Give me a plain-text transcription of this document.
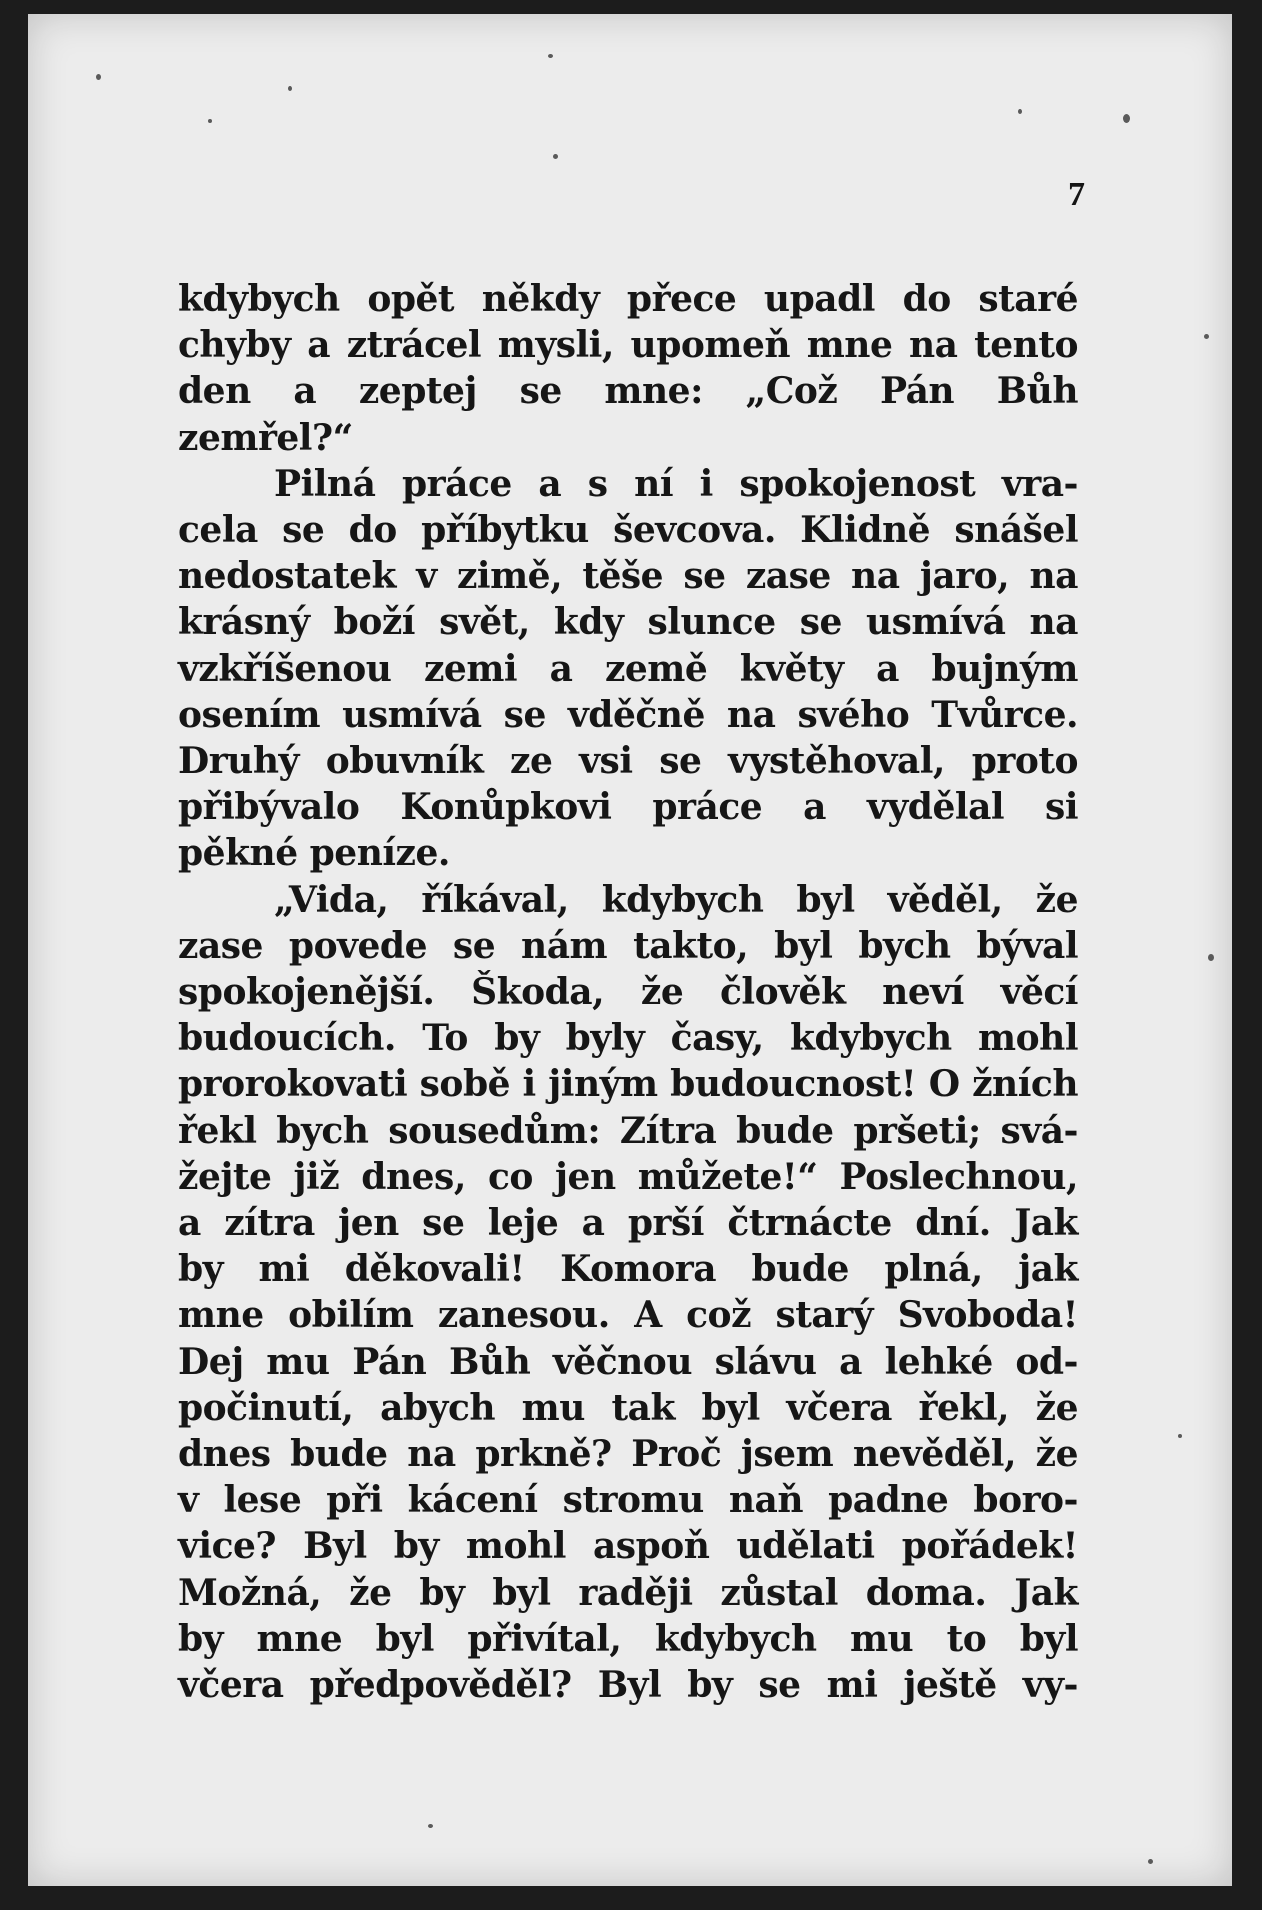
7
kdybych opět někdy přece upadl do staré
chyby a ztrácel mysli, upomeň mne na tento
den a zeptej se mne: „Což Pán Bůh
zemřel?“
Pilná práce a s ní i spokojenost vra-
cela se do příbytku ševcova. Klidně snášel
nedostatek v zimě, těše se zase na jaro, na
krásný boží svět, kdy slunce se usmívá na
vzkříšenou zemi a země květy a bujným
osením usmívá se vděčně na svého Tvůrce.
Druhý obuvník ze vsi se vystěhoval, proto
přibývalo Konůpkovi práce a vydělal si
pěkné peníze.
„Vida, říkával, kdybych byl věděl, že
zase povede se nám takto, byl bych býval
spokojenější. Škoda, že člověk neví věcí
budoucích. To by byly časy, kdybych mohl
prorokovati sobě i jiným budoucnost! O žních
řekl bych sousedům: Zítra bude pršeti; svá-
žejte již dnes, co jen můžete!“ Poslechnou,
a zítra jen se leje a prší čtrnácte dní. Jak
by mi děkovali! Komora bude plná, jak
mne obilím zanesou. A což starý Svoboda!
Dej mu Pán Bůh věčnou slávu a lehké od-
počinutí, abych mu tak byl včera řekl, že
dnes bude na prkně? Proč jsem nevěděl, že
v lese při kácení stromu naň padne boro-
vice? Byl by mohl aspoň udělati pořádek!
Možná, že by byl raději zůstal doma. Jak
by mne byl přivítal, kdybych mu to byl
včera předpověděl? Byl by se mi ještě vy-
